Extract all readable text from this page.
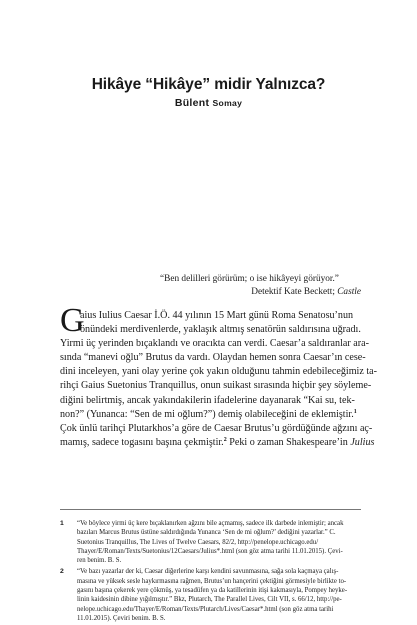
Hikâye “Hikâye” midir Yalnızca?
Bülent Somay
“Ben delilleri görürüm; o ise hikâyeyi görüyor.”
Detektif Kate Beckett; Castle
G
aius Iulius Caesar İ.Ö. 44 yılının 15 Mart günü Roma Senatosu’nun
önündeki merdivenlerde, yaklaşık altmış senatörün saldırısına uğradı.
Yirmi üç yerinden bıçaklandı ve oracıkta can verdi. Caesar’a saldıranlar ara-
sında “manevi oğlu” Brutus da vardı. Olaydan hemen sonra Caesar’ın cese-
dini inceleyen, yani olay yerine çok yakın olduğunu tahmin edebileceğimiz ta-
rihçi Gaius Suetonius Tranquillus, onun suikast sırasında hiçbir şey söyleme-
diğini belirtmiş, ancak yakındakilerin ifadelerine dayanarak “Kai su, tek-
non?” (Yunanca: “Sen de mi oğlum?”) demiş olabileceğini de eklemiştir.$^1$
Çok ünlü tarihçi Plutarkhos’a göre de Caesar Brutus’u gördüğünde ağzını aç-
mamış, sadece togasını başına çekmiştir.$^2$ Peki o zaman Shakespeare’in Julius
1 “Ve böylece yirmi üç kere bıçaklanırken ağzını bile açmamış, sadece ilk darbede inlemiştir; ancak
bazıları Marcus Brutus üstüne saldırdığında Yunanca ‘Sen de mi oğlum?’ dediğini yazarlar.” C.
Suetonius Tranquillus, The Lives of Twelve Caesars, 82/2, http://penelope.uchicago.edu/
Thayer/E/Roman/Texts/Suetonius/12Caesars/Julius*.html (son göz atma tarihi 11.01.2015). Çevi-
ren benim. B. S.
2 “Ve bazı yazarlar der ki, Caesar diğerlerine karşı kendini savunmasına, sağa sola kaçmaya çalış-
masına ve yüksek sesle haykırmasına rağmen, Brutus’un hançerini çektiğini görmesiyle birlikte to-
gasını başına çekerek yere çökmüş, ya tesadüfen ya da katillerinin itişi kakmasıyla, Pompey heyke-
linin kaidesinin dibine yığılmıştır.” Bkz, Plutarch, The Parallel Lives, Cilt VII, s. 66/12, http://pe-
nelope.uchicago.edu/Thayer/E/Roman/Texts/Plutarch/Lives/Caesar*.html (son göz atma tarihi
11.01.2015). Çeviri benim. B. S.
